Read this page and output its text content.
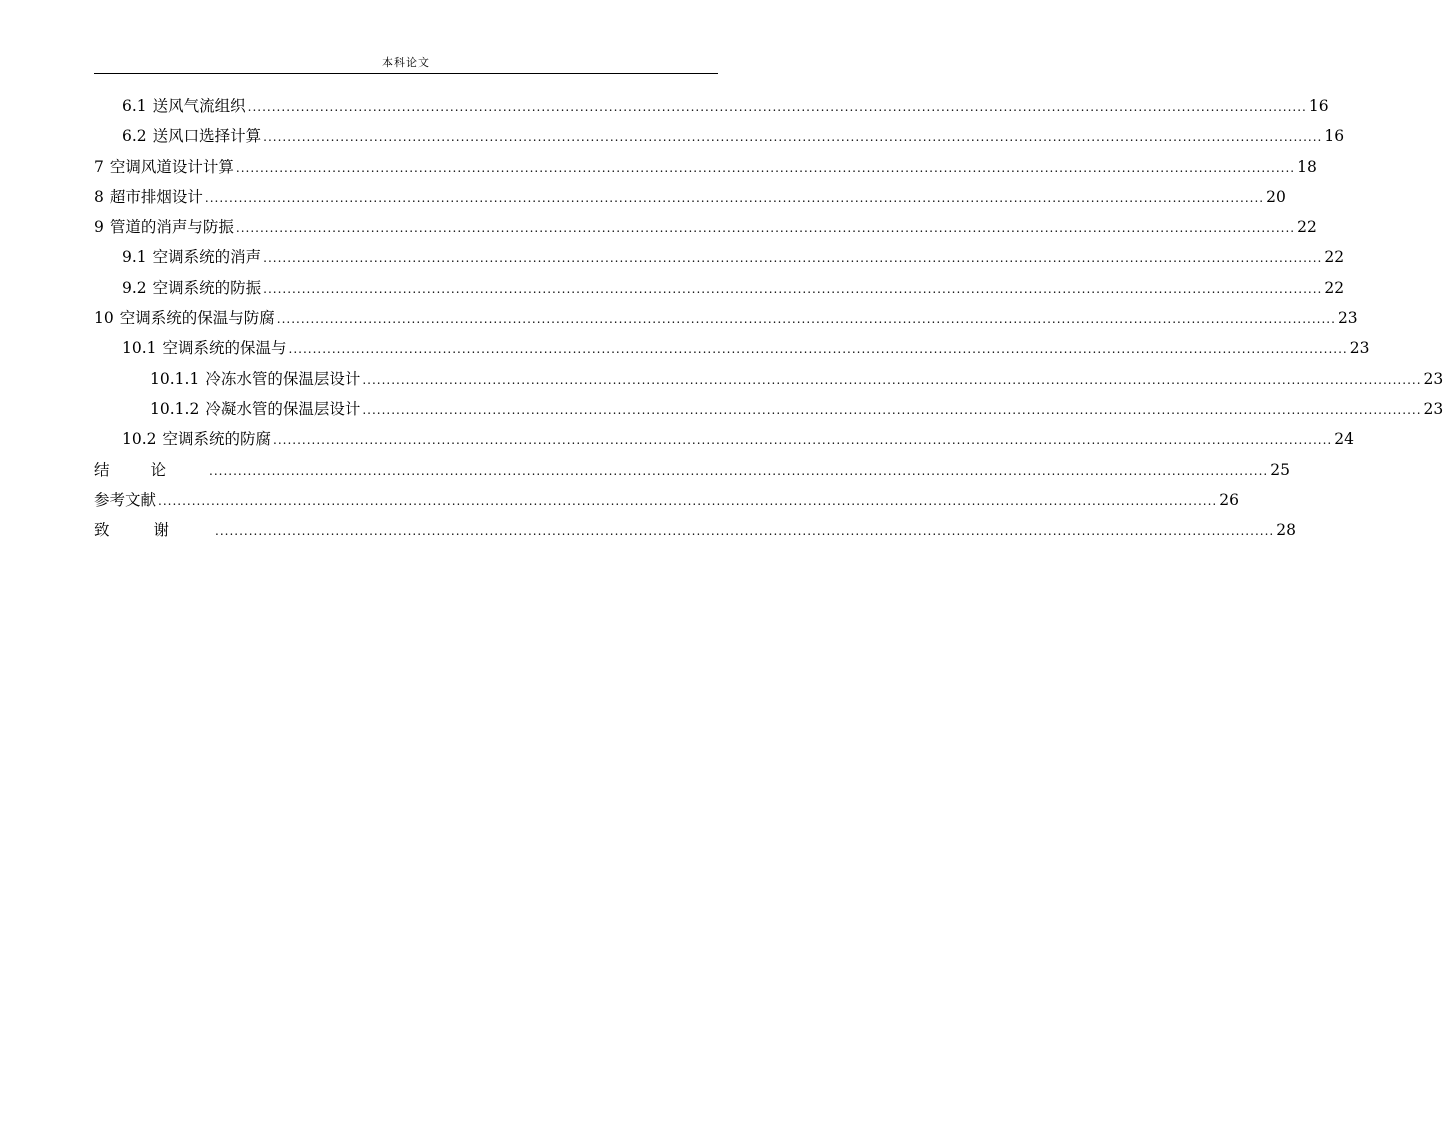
本科论文
6.1 送风气流组织 ............................................................................................................................................................................................................................ 16
6.2 送风口选择计算 ............................................................................................................................................................................................................................ 16
7 空调风道设计计算 ............................................................................................................................................................................................................................ 18
8 超市排烟设计 ............................................................................................................................................................................................................................ 20
9 管道的消声与防振 ............................................................................................................................................................................................................................ 22
9.1 空调系统的消声 ............................................................................................................................................................................................................................ 22
9.2 空调系统的防振 ............................................................................................................................................................................................................................ 22
10 空调系统的保温与防腐 ............................................................................................................................................................................................................................ 23
10.1 空调系统的保温与 ............................................................................................................................................................................................................................ 23
10.1.1 冷冻水管的保温层设计 ............................................................................................................................................................................................................................ 23
10.1.2 冷凝水管的保温层设计 ............................................................................................................................................................................................................................ 23
10.2 空调系统的防腐 ............................................................................................................................................................................................................................ 24
结论 ............................................................................................................................................................................................................................ 25
参考文献 ............................................................................................................................................................................................................................ 26
致谢 ............................................................................................................................................................................................................................ 28
